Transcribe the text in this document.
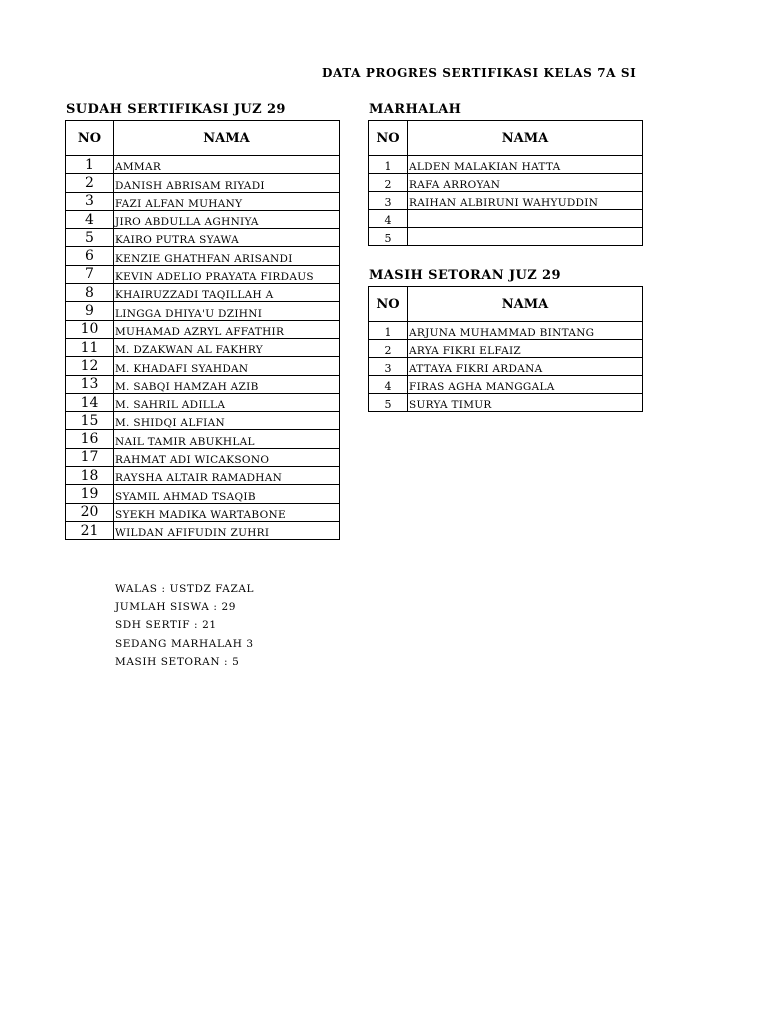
DATA PROGRES SERTIFIKASI KELAS 7A SI
SUDAH SERTIFIKASI JUZ 29
NO	NAMA
1	AMMAR
2	DANISH ABRISAM RIYADI
3	FAZI ALFAN MUHANY
4	JIRO ABDULLA AGHNIYA
5	KAIRO PUTRA SYAWA
6	KENZIE GHATHFAN ARISANDI
7	KEVIN ADELIO PRAYATA FIRDAUS
8	KHAIRUZZADI TAQILLAH A
9	LINGGA DHIYA'U DZIHNI
10	MUHAMAD AZRYL AFFATHIR
11	M. DZAKWAN AL FAKHRY
12	M. KHADAFI SYAHDAN
13	M. SABQI HAMZAH AZIB
14	M. SAHRIL ADILLA
15	M. SHIDQI ALFIAN
16	NAIL TAMIR ABUKHLAL
17	RAHMAT ADI WICAKSONO
18	RAYSHA ALTAIR RAMADHAN
19	SYAMIL AHMAD TSAQIB
20	SYEKH MADIKA WARTABONE
21	WILDAN AFIFUDIN ZUHRI
MARHALAH
NO	NAMA
1	ALDEN MALAKIAN HATTA
2	RAFA ARROYAN
3	RAIHAN ALBIRUNI WAHYUDDIN
4	
5	
MASIH SETORAN JUZ 29
NO	NAMA
1	ARJUNA MUHAMMAD BINTANG
2	ARYA FIKRI ELFAIZ
3	ATTAYA FIKRI ARDANA
4	FIRAS AGHA MANGGALA
5	SURYA TIMUR
WALAS : USTDZ FAZAL
JUMLAH SISWA : 29
SDH SERTIF : 21
SEDANG MARHALAH 3
MASIH SETORAN : 5
